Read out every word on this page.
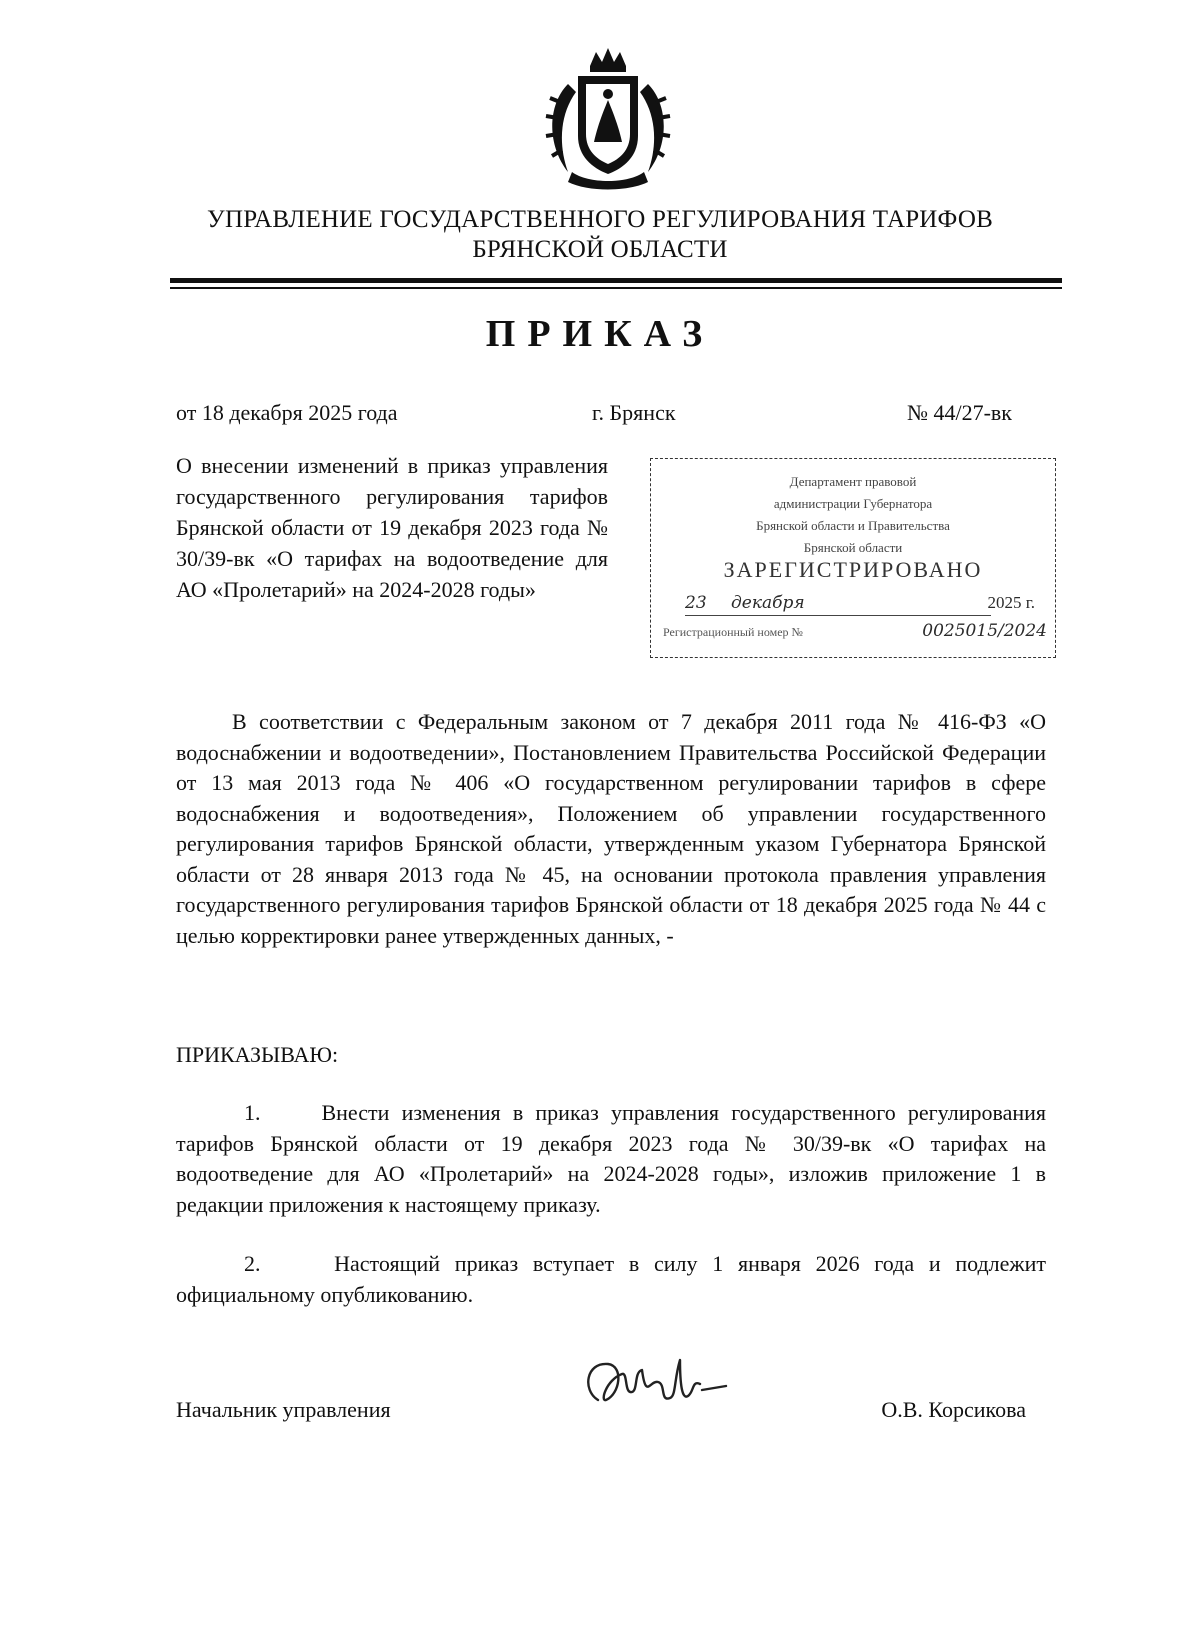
УПРАВЛЕНИЕ ГОСУДАРСТВЕННОГО РЕГУЛИРОВАНИЯ ТАРИФОВ
БРЯНСКОЙ ОБЛАСТИ
ПРИКАЗ
от 18 декабря 2025 года	г. Брянск	№ 44/27-вк
О внесении изменений в приказ управления государственного регулирования тарифов Брянской области от 19 декабря 2023 года № 30/39-вк «О тарифах на водоотведение для АО «Пролетарий» на 2024-2028 годы»
Департамент правовой
администрации Губернатора
Брянской области и Правительства
Брянской области
ЗАРЕГИСТРИРОВАНО
23 декабря	2025 г.
Регистрационный номер №	0025015/2024
В соответствии с Федеральным законом от 7 декабря 2011 года № 416-ФЗ «О водоснабжении и водоотведении», Постановлением Правительства Российской Федерации от 13 мая 2013 года № 406 «О государственном регулировании тарифов в сфере водоснабжения и водоотведения», Положением об управлении государственного регулирования тарифов Брянской области, утвержденным указом Губернатора Брянской области от 28 января 2013 года № 45, на основании протокола правления управления государственного регулирования тарифов Брянской области от 18 декабря 2025 года № 44 с целью корректировки ранее утвержденных данных, -
ПРИКАЗЫВАЮ:
1.     Внести изменения в приказ управления государственного регулирования тарифов Брянской области от 19 декабря 2023 года № 30/39-вк «О тарифах на водоотведение для АО «Пролетарий» на 2024-2028 годы», изложив приложение 1 в редакции приложения к настоящему приказу.
2.     Настоящий приказ вступает в силу 1 января 2026 года и подлежит официальному опубликованию.
Начальник управления	О.В. Корсикова
